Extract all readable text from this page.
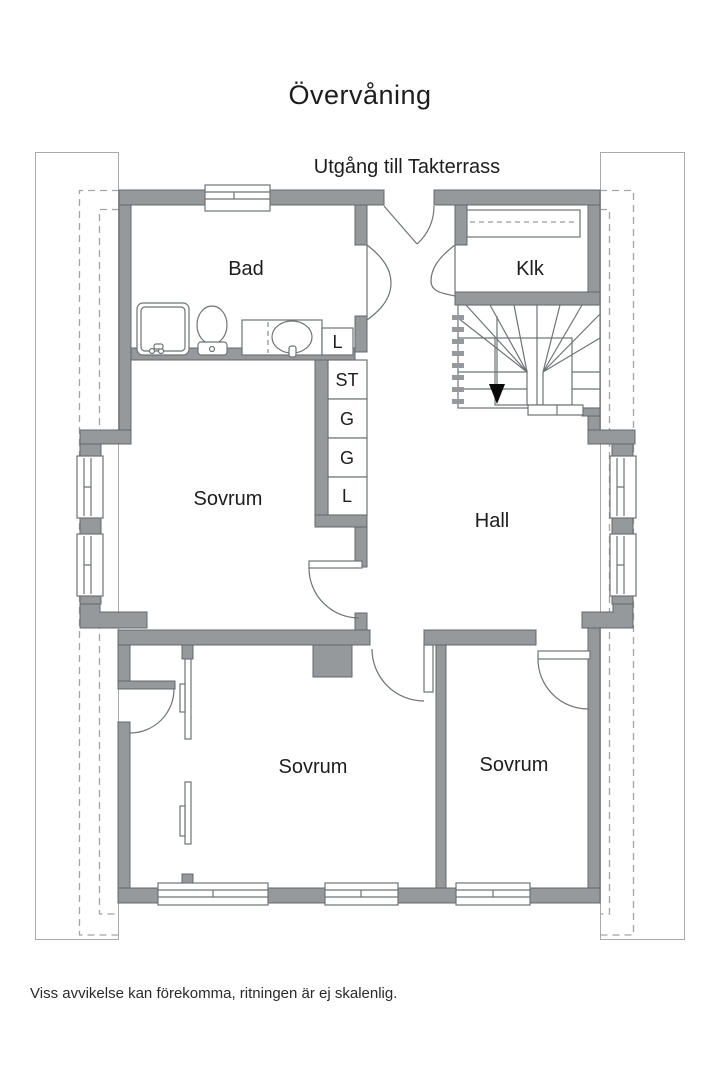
Övervåning
Utgång till Takterrass
L
ST
G
G
L
Bad	Klk
Sovrum
Hall
Sovrum	Sovrum
Viss avvikelse kan förekomma, ritningen är ej skalenlig.
